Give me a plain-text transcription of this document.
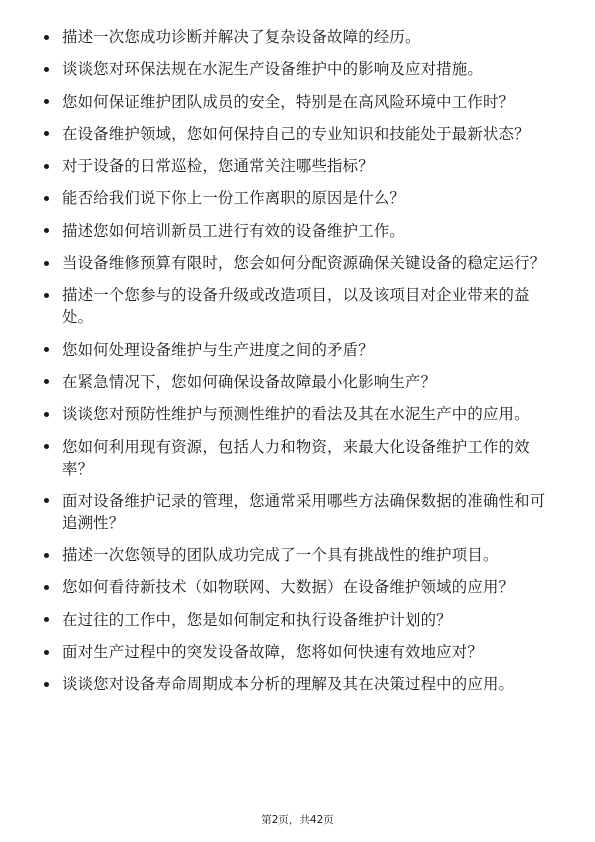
描述一次您成功诊断并解决了复杂设备故障的经历。
谈谈您对环保法规在水泥生产设备维护中的影响及应对措施。
您如何保证维护团队成员的安全，特别是在高风险环境中工作时？
在设备维护领域，您如何保持自己的专业知识和技能处于最新状态？
对于设备的日常巡检，您通常关注哪些指标？
能否给我们说下你上一份工作离职的原因是什么？
描述您如何培训新员工进行有效的设备维护工作。
当设备维修预算有限时，您会如何分配资源确保关键设备的稳定运行？
描述一个您参与的设备升级或改造项目，以及该项目对企业带来的益处。
您如何处理设备维护与生产进度之间的矛盾？
在紧急情况下，您如何确保设备故障最小化影响生产？
谈谈您对预防性维护与预测性维护的看法及其在水泥生产中的应用。
您如何利用现有资源，包括人力和物资，来最大化设备维护工作的效率？
面对设备维护记录的管理，您通常采用哪些方法确保数据的准确性和可追溯性？
描述一次您领导的团队成功完成了一个具有挑战性的维护项目。
您如何看待新技术（如物联网、大数据）在设备维护领域的应用？
在过往的工作中，您是如何制定和执行设备维护计划的？
面对生产过程中的突发设备故障，您将如何快速有效地应对？
谈谈您对设备寿命周期成本分析的理解及其在决策过程中的应用。
第2页，共42页
